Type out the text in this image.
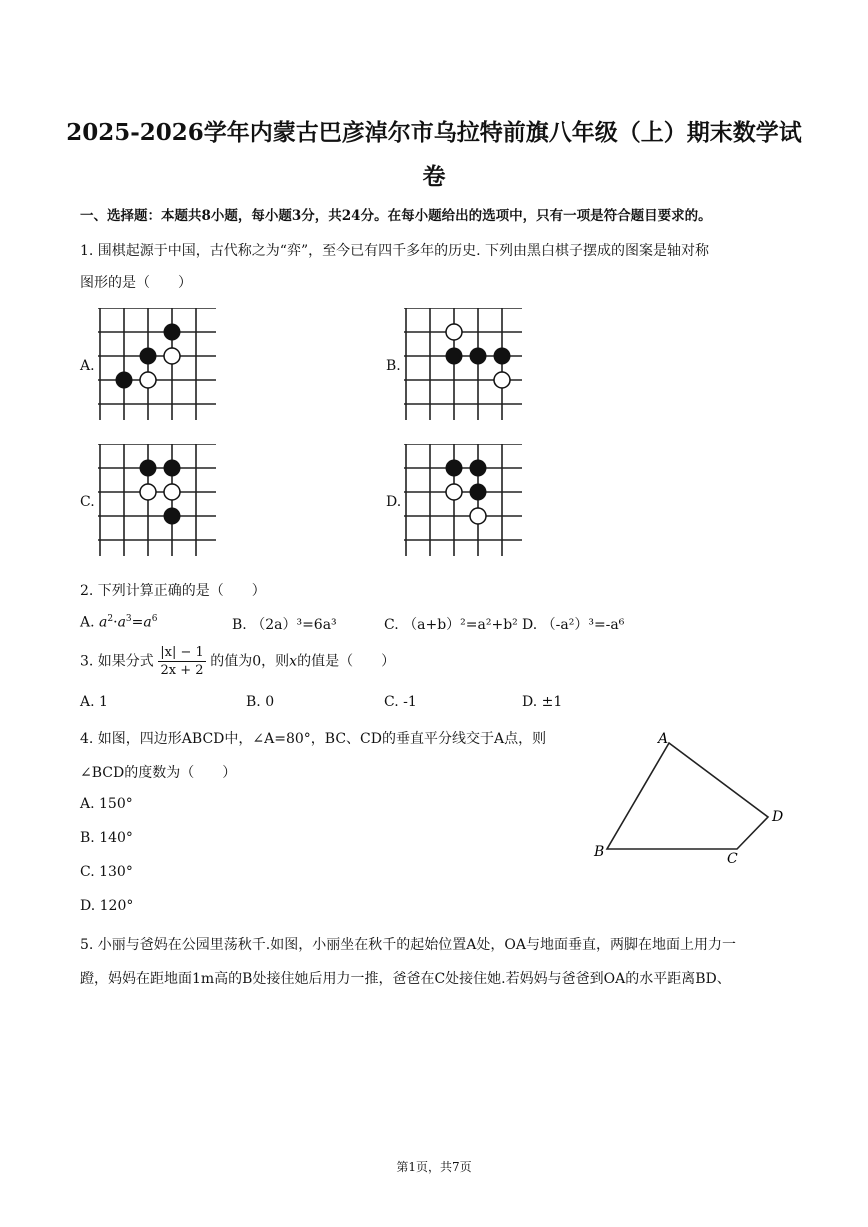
2025-2026学年内蒙古巴彦淖尔市乌拉特前旗八年级（上）期末数学试
卷
一、选择题：本题共8小题，每小题3分，共24分。在每小题给出的选项中，只有一项是符合题目要求的。
1. 围棋起源于中国，古代称之为“弈”，至今已有四千多年的历史. 下列由黑白棋子摆成的图案是轴对称
图形的是（　　）
A.	B.
C.	D.
2. 下列计算正确的是（　　）
A. $a^2\cdot a^3=a^6$	B. （2a）³=6a³	C. （a+b）²=a²+b² D. （-a²）³=-a⁶
3. 如果分式 $\frac{|x| - 1}{2x + 2}$ 的值为0，则x的值是（　　）
A. 1	B. 0	C. -1	D. ±1
4. 如图，四边形ABCD中，∠A=80°，BC、CD的垂直平分线交于A点，则
∠BCD的度数为（　　）
A. 150°
B. 140°
C. 130°
D. 120°
A
D
B	C
5. 小丽与爸妈在公园里荡秋千.如图，小丽坐在秋千的起始位置A处，OA与地面垂直，两脚在地面上用力一
蹬，妈妈在距地面1m高的B处接住她后用力一推，爸爸在C处接住她.若妈妈与爸爸到OA的水平距离BD、
第1页，共7页
